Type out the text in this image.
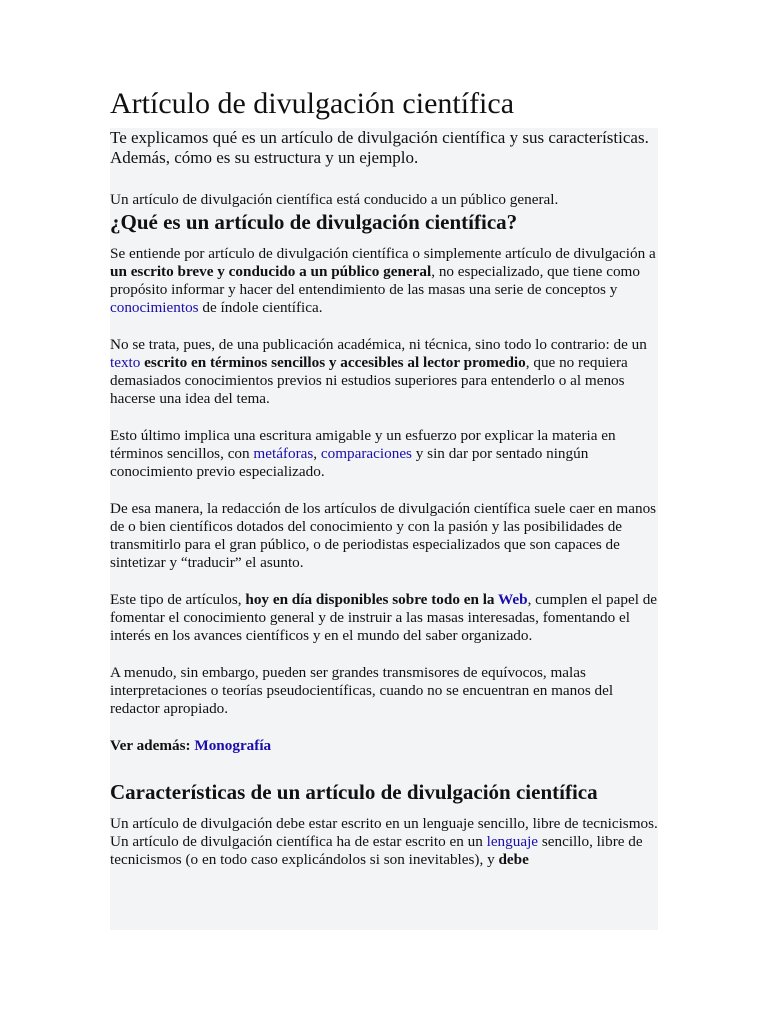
Artículo de divulgación científica

Te explicamos qué es un artículo de divulgación científica y sus características. Además, cómo es su estructura y un ejemplo.

Un artículo de divulgación científica está conducido a un público general.

¿Qué es un artículo de divulgación científica?

Se entiende por artículo de divulgación científica o simplemente artículo de divulgación a un escrito breve y conducido a un público general, no especializado, que tiene como propósito informar y hacer del entendimiento de las masas una serie de conceptos y conocimientos de índole científica.

No se trata, pues, de una publicación académica, ni técnica, sino todo lo contrario: de un texto escrito en términos sencillos y accesibles al lector promedio, que no requiera demasiados conocimientos previos ni estudios superiores para entenderlo o al menos hacerse una idea del tema.

Esto último implica una escritura amigable y un esfuerzo por explicar la materia en términos sencillos, con metáforas, comparaciones y sin dar por sentado ningún conocimiento previo especializado.

De esa manera, la redacción de los artículos de divulgación científica suele caer en manos de o bien científicos dotados del conocimiento y con la pasión y las posibilidades de transmitirlo para el gran público, o de periodistas especializados que son capaces de sintetizar y “traducir” el asunto.

Este tipo de artículos, hoy en día disponibles sobre todo en la Web, cumplen el papel de fomentar el conocimiento general y de instruir a las masas interesadas, fomentando el interés en los avances científicos y en el mundo del saber organizado.

A menudo, sin embargo, pueden ser grandes transmisores de equívocos, malas interpretaciones o teorías pseudocientíficas, cuando no se encuentran en manos del redactor apropiado.

Ver además: Monografía

Características de un artículo de divulgación científica

Un artículo de divulgación debe estar escrito en un lenguaje sencillo, libre de tecnicismos.

Un artículo de divulgación científica ha de estar escrito en un lenguaje sencillo, libre de tecnicismos (o en todo caso explicándolos si son inevitables), y debe
